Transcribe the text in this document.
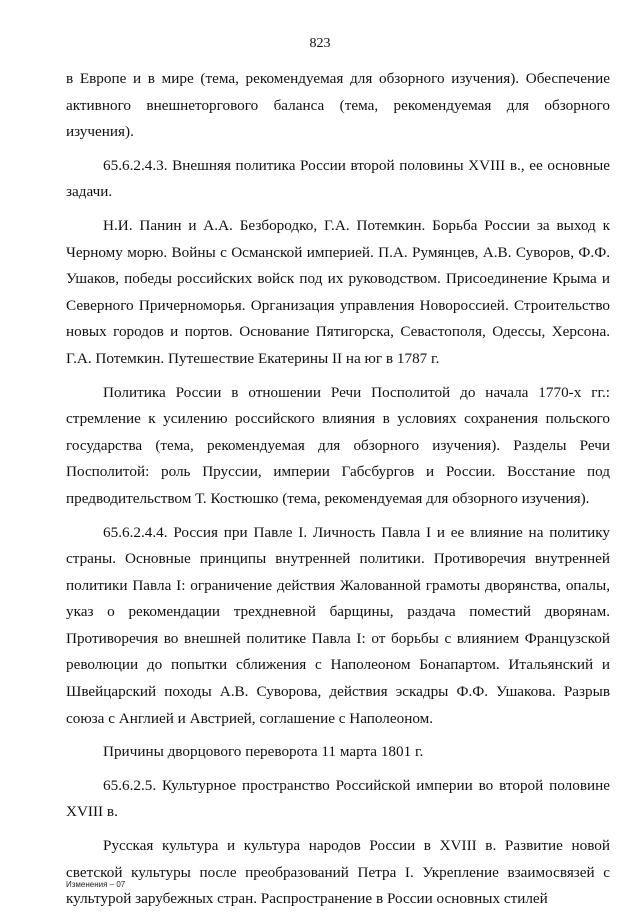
823

в Европе и в мире (тема, рекомендуемая для обзорного изучения). Обеспечение активного внешнеторгового баланса (тема, рекомендуемая для обзорного изучения).

65.6.2.4.3. Внешняя политика России второй половины XVIII в., ее основные задачи.

Н.И. Панин и А.А. Безбородко, Г.А. Потемкин. Борьба России за выход к Черному морю. Войны с Османской империей. П.А. Румянцев, А.В. Суворов, Ф.Ф. Ушаков, победы российских войск под их руководством. Присоединение Крыма и Северного Причерноморья. Организация управления Новороссией. Строительство новых городов и портов. Основание Пятигорска, Севастополя, Одессы, Херсона. Г.А. Потемкин. Путешествие Екатерины II на юг в 1787 г.

Политика России в отношении Речи Посполитой до начала 1770-х гг.: стремление к усилению российского влияния в условиях сохранения польского государства (тема, рекомендуемая для обзорного изучения). Разделы Речи Посполитой: роль Пруссии, империи Габсбургов и России. Восстание под предводительством Т. Костюшко (тема, рекомендуемая для обзорного изучения).

65.6.2.4.4. Россия при Павле I. Личность Павла I и ее влияние на политику страны. Основные принципы внутренней политики. Противоречия внутренней политики Павла I: ограничение действия Жалованной грамоты дворянства, опалы, указ о рекомендации трехдневной барщины, раздача поместий дворянам. Противоречия во внешней политике Павла I: от борьбы с влиянием Французской революции до попытки сближения с Наполеоном Бонапартом. Итальянский и Швейцарский походы А.В. Суворова, действия эскадры Ф.Ф. Ушакова. Разрыв союза с Англией и Австрией, соглашение с Наполеоном.

Причины дворцового переворота 11 марта 1801 г.

65.6.2.5. Культурное пространство Российской империи во второй половине XVIII в.

Русская культура и культура народов России в XVIII в. Развитие новой светской культуры после преобразований Петра I. Укрепление взаимосвязей с культурой зарубежных стран. Распространение в России основных стилей

Изменения – 07
